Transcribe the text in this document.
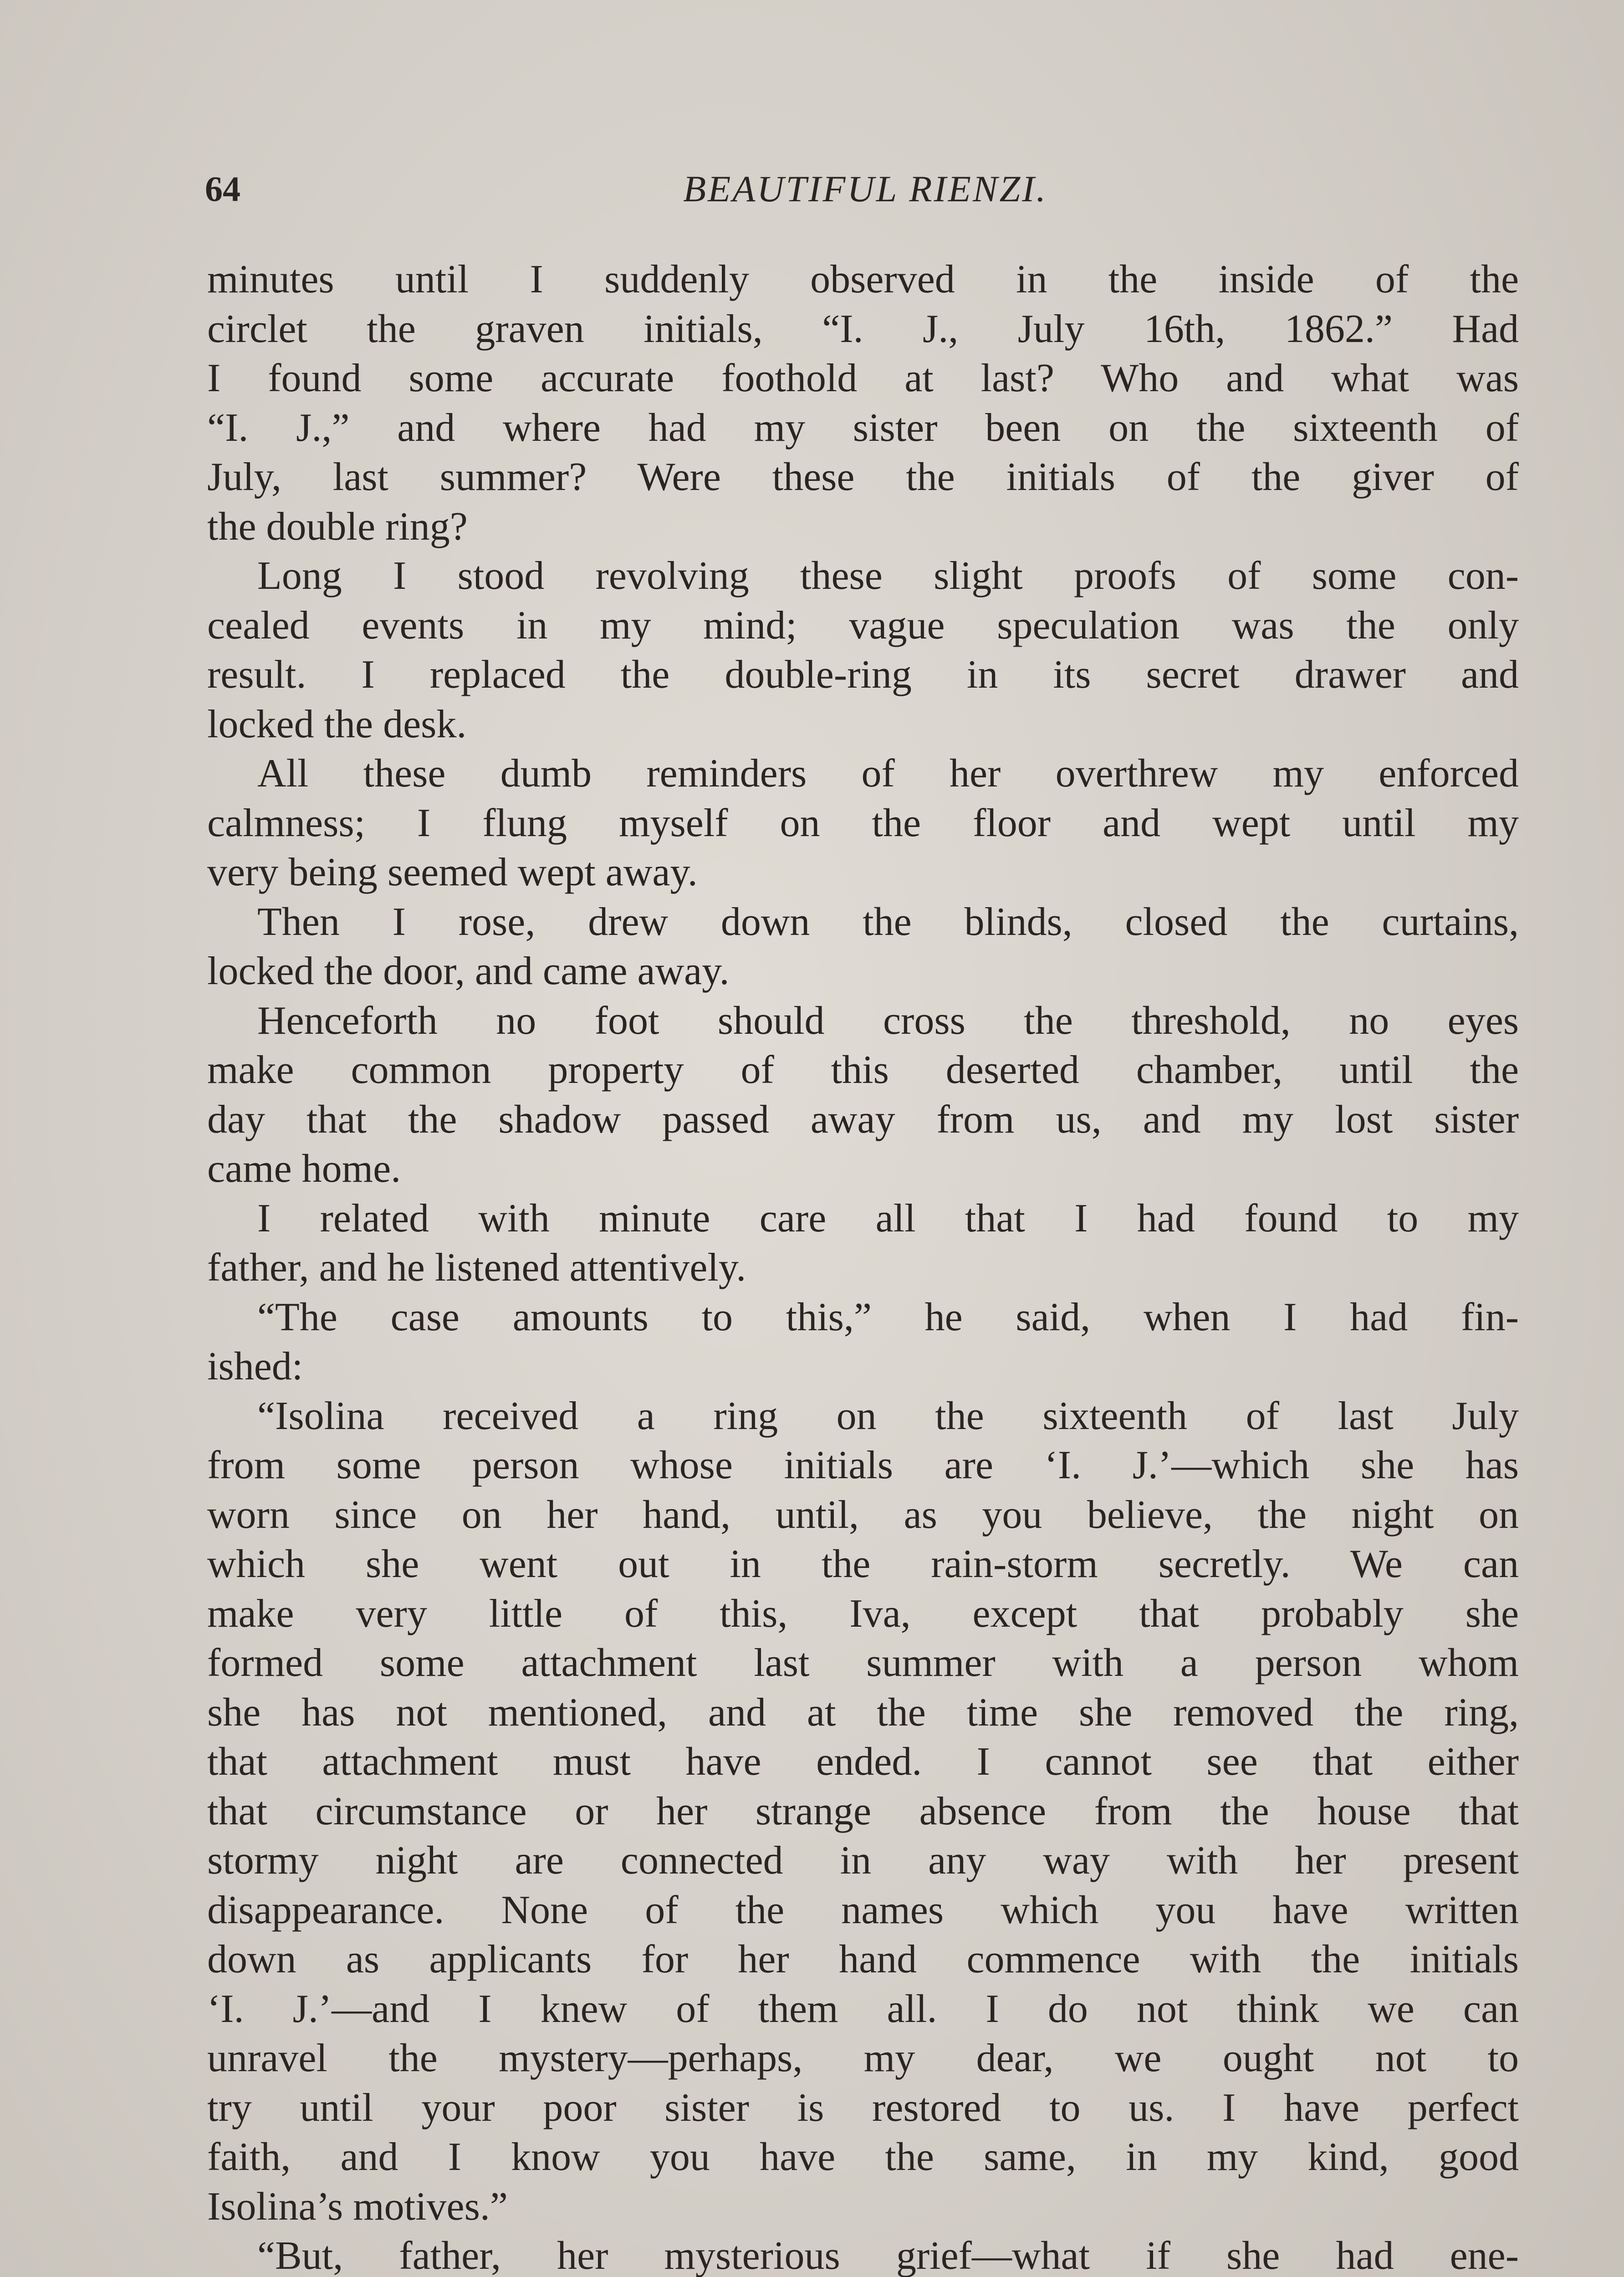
64	BEAUTIFUL RIENZI.
minutes until I suddenly observed in the inside of the
circlet the graven initials, “I. J., July 16th, 1862.” Had
I found some accurate foothold at last? Who and what was
“I. J.,” and where had my sister been on the sixteenth of
July, last summer? Were these the initials of the giver of
the double ring?
Long I stood revolving these slight proofs of some con-
cealed events in my mind; vague speculation was the only
result. I replaced the double-ring in its secret drawer and
locked the desk.
All these dumb reminders of her overthrew my enforced
calmness; I flung myself on the floor and wept until my
very being seemed wept away.
Then I rose, drew down the blinds, closed the curtains,
locked the door, and came away.
Henceforth no foot should cross the threshold, no eyes
make common property of this deserted chamber, until the
day that the shadow passed away from us, and my lost sister
came home.
I related with minute care all that I had found to my
father, and he listened attentively.
“The case amounts to this,” he said, when I had fin-
ished:
“Isolina received a ring on the sixteenth of last July
from some person whose initials are ‘I. J.’—which she has
worn since on her hand, until, as you believe, the night on
which she went out in the rain-storm secretly. We can
make very little of this, Iva, except that probably she
formed some attachment last summer with a person whom
she has not mentioned, and at the time she removed the ring,
that attachment must have ended. I cannot see that either
that circumstance or her strange absence from the house that
stormy night are connected in any way with her present
disappearance. None of the names which you have written
down as applicants for her hand commence with the initials
‘I. J.’—and I knew of them all. I do not think we can
unravel the mystery—perhaps, my dear, we ought not to
try until your poor sister is restored to us. I have perfect
faith, and I know you have the same, in my kind, good
Isolina’s motives.”
“But, father, her mysterious grief—what if she had ene-
